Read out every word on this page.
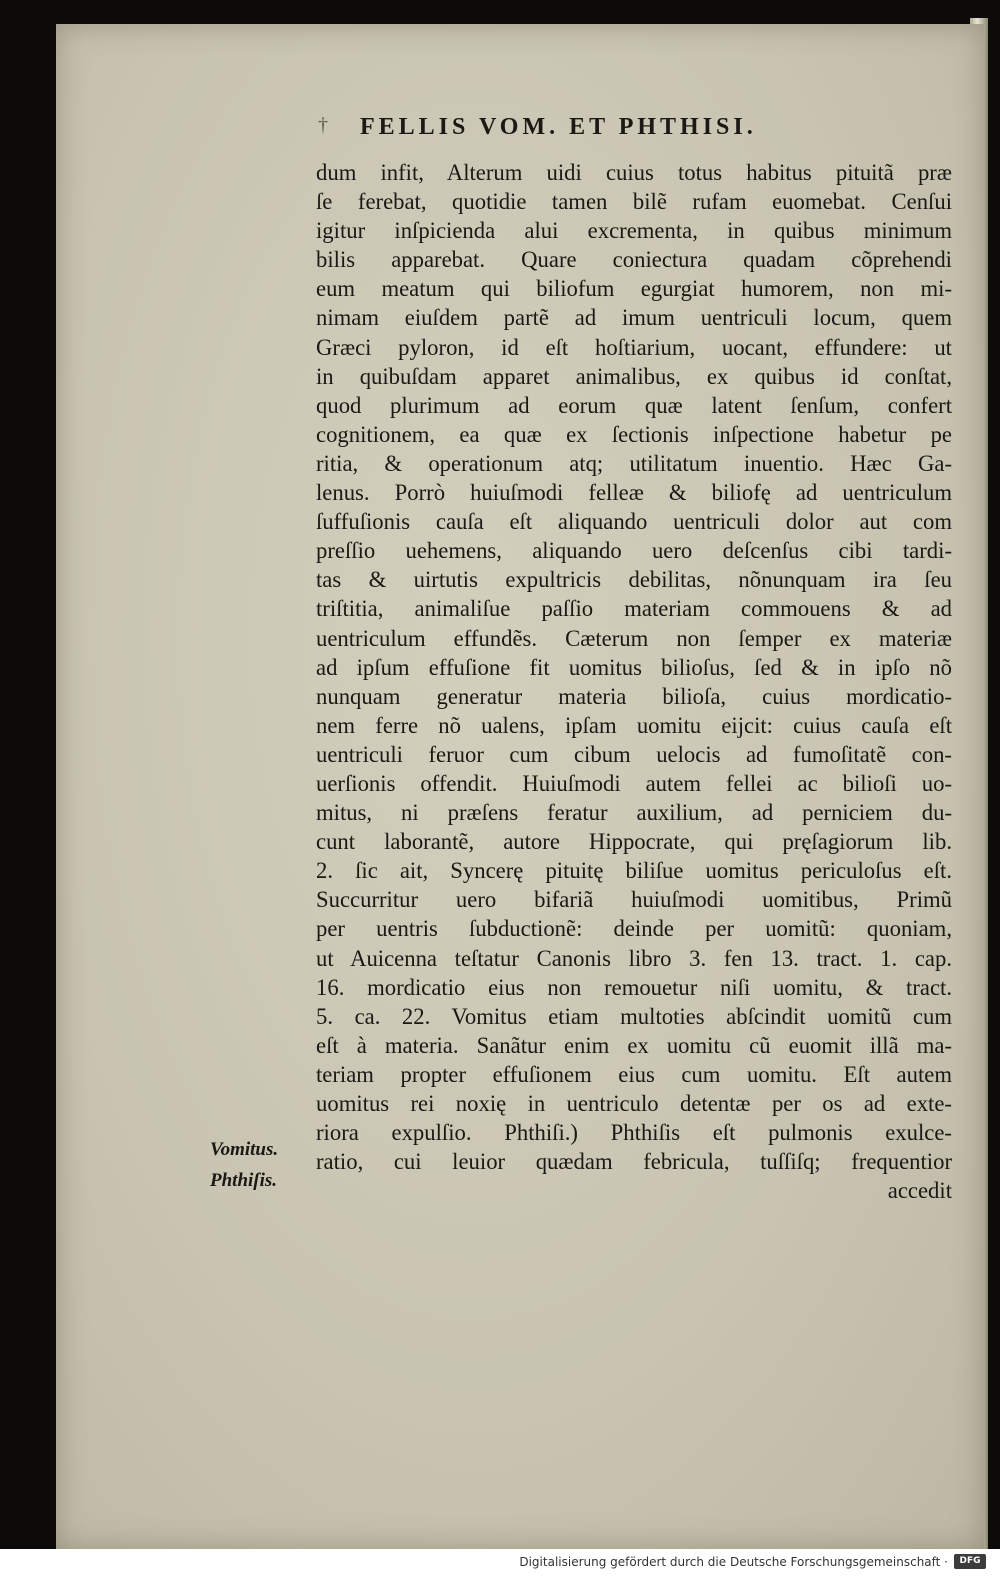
† FELLIS VOM. ET PHTHISI.
dum infit, Alterum uidi cuius totus habitus pituitã præ
ſe ferebat, quotidie tamen bilẽ rufam euomebat. Cenſui
igitur inſpicienda alui excrementa, in quibus minimum
bilis apparebat. Quare coniectura quadam cõprehendi
eum meatum qui biliofum egurgiat humorem, non mi-
nimam eiuſdem partẽ ad imum uentriculi locum, quem
Græci pyloron, id eſt hoſtiarium, uocant, effundere: ut
in quibuſdam apparet animalibus, ex quibus id conſtat,
quod plurimum ad eorum quæ latent ſenſum, confert
cognitionem, ea quæ ex ſectionis inſpectione habetur pe
ritia, & operationum atq; utilitatum inuentio. Hæc Ga-
lenus. Porrò huiuſmodi felleæ & biliofę ad uentriculum
ſuffuſionis cauſa eſt aliquando uentriculi dolor aut com
preſſio uehemens, aliquando uero deſcenſus cibi tardi-
tas & uirtutis expultricis debilitas, nõnunquam ira ſeu
triſtitia, animaliſue paſſio materiam commouens & ad
uentriculum effundẽs. Cæterum non ſemper ex materiæ
ad ipſum effuſione fit uomitus bilioſus, ſed & in ipſo nõ
nunquam generatur materia bilioſa, cuius mordicatio-
nem ferre nõ ualens, ipſam uomitu eijcit: cuius cauſa eſt
uentriculi feruor cum cibum uelocis ad fumoſitatẽ con-
uerſionis offendit. Huiuſmodi autem fellei ac bilioſi uo-
mitus, ni præſens feratur auxilium, ad perniciem du-
cunt laborantẽ, autore Hippocrate, qui pręſagiorum lib.
2. ſic ait, Syncerę pituitę biliſue uomitus periculoſus eſt.
Succurritur uero bifariã huiuſmodi uomitibus, Primũ
per uentris ſubductionẽ: deinde per uomitũ: quoniam,
ut Auicenna teſtatur Canonis libro 3. fen 13. tract. 1. cap.
16. mordicatio eius non remouetur niſi uomitu, & tract.
5. ca. 22. Vomitus etiam multoties abſcindit uomitũ cum
eſt à materia. Sanãtur enim ex uomitu cũ euomit illã ma-
teriam propter effuſionem eius cum uomitu. Eſt autem
uomitus rei noxię in uentriculo detentæ per os ad exte-
riora expulſio. Phthiſi.) Phthiſis eſt pulmonis exulce-
ratio, cui leuior quædam febricula, tuſſiſq; frequentior
accedit
Vomitus.
Phthiſis.
Digitalisierung gefördert durch die Deutsche Forschungsgemeinschaft ·	DFG
